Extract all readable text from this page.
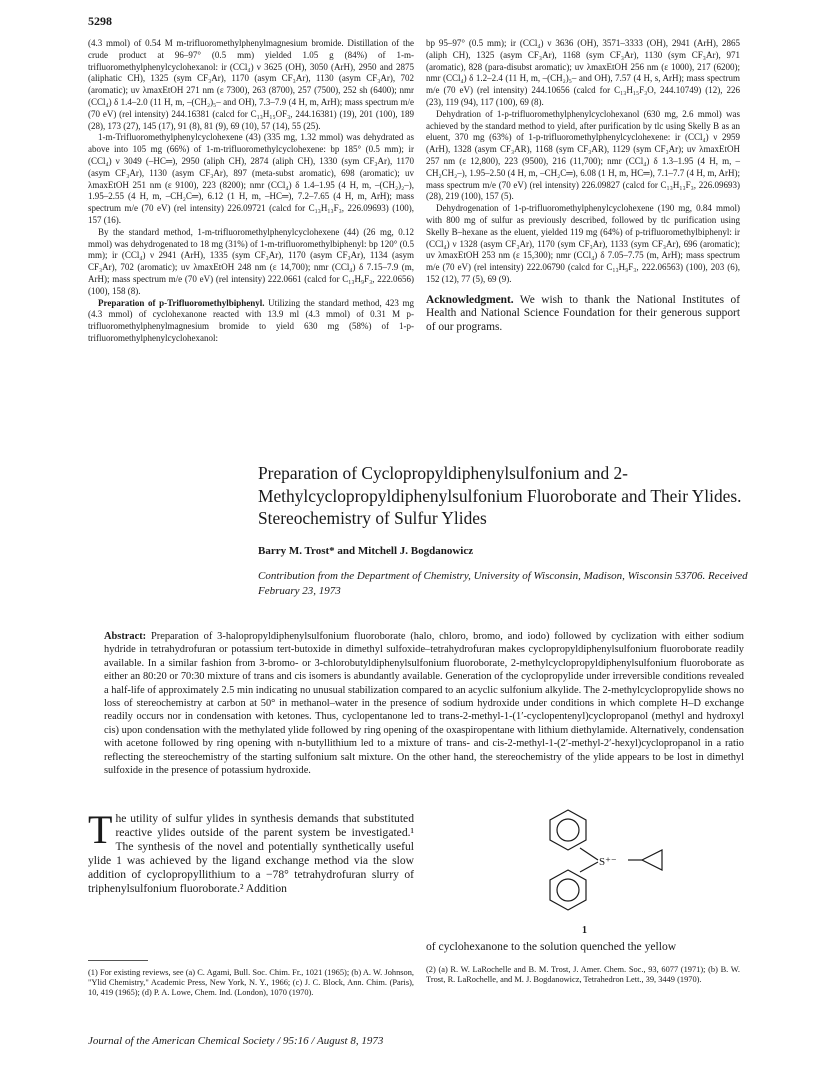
5298

(4.3 mmol) of 0.54 M m-trifluoromethylphenylmagnesium bromide. Distillation of the crude product at 96–97° (0.5 mm) yielded 1.05 g (84%) of 1-m-trifluoromethylphenylcyclohexanol: ir (CCl₄) ν 3625 (OH), 3050 (ArH), 2950 and 2875 (aliphatic CH), 1325 (sym CF₃Ar), 1170 (asym CF₃Ar), 1130 (asym CF₃Ar), 702 (aromatic); uv λmaxEtOH 271 nm (ε 7300), 263 (8700), 257 (7500), 252 sh (6400); nmr (CCl₄) δ 1.4–2.0 (11 H, m, –(CH₂)₅– and OH), 7.3–7.9 (4 H, m, ArH); mass spectrum m/e (70 eV) (rel intensity) 244.16381 (calcd for C₁₃H₁₅OF₃, 244.16381) (19), 201 (100), 189 (28), 173 (27), 145 (17), 91 (8), 81 (9), 69 (10), 57 (14), 55 (25).

1-m-Trifluoromethylphenylcyclohexene (43) (335 mg, 1.32 mmol) was dehydrated as above into 105 mg (66%) of 1-m-trifluoromethylcyclohexene: bp 185° (0.5 mm); ir (CCl₄) ν 3049 (–HC═), 2950 (aliph CH), 2874 (aliph CH), 1330 (sym CF₃Ar), 1170 (asym CF₃Ar), 1130 (asym CF₃Ar), 897 (meta-subst aromatic), 698 (aromatic); uv λmaxEtOH 251 nm (ε 9100), 223 (8200); nmr (CCl₄) δ 1.4–1.95 (4 H, m, –(CH₂)₂–), 1.95–2.55 (4 H, m, –CH₂C═), 6.12 (1 H, m, –HC═), 7.2–7.65 (4 H, m, ArH); mass spectrum m/e (70 eV) (rel intensity) 226.09721 (calcd for C₁₃H₁₃F₃, 226.09693) (100), 157 (16).

By the standard method, 1-m-trifluoromethylphenylcyclohexene (44) (26 mg, 0.12 mmol) was dehydrogenated to 18 mg (31%) of 1-m-trifluoromethylbiphenyl: bp 120° (0.5 mm); ir (CCl₄) ν 2941 (ArH), 1335 (sym CF₃Ar), 1170 (asym CF₃Ar), 1134 (asym CF₃Ar), 702 (aromatic); uv λmaxEtOH 248 nm (ε 14,700); nmr (CCl₄) δ 7.15–7.9 (m, ArH); mass spectrum m/e (70 eV) (rel intensity) 222.0661 (calcd for C₁₃H₉F₃, 222.0656) (100), 158 (8).

Preparation of p-Trifluoromethylbiphenyl. Utilizing the standard method, 423 mg (4.3 mmol) of cyclohexanone reacted with 13.9 ml (4.3 mmol) of 0.31 M p-trifluoromethylphenylmagnesium bromide to yield 630 mg (58%) of 1-p-trifluoromethylphenylcyclohexanol:

bp 95–97° (0.5 mm); ir (CCl₄) ν 3636 (OH), 3571–3333 (OH), 2941 (ArH), 2865 (aliph CH), 1325 (asym CF₃Ar), 1168 (sym CF₃Ar), 1130 (sym CF₃Ar), 971 (aromatic), 828 (para-disubst aromatic); uv λmaxEtOH 256 nm (ε 1000), 217 (6200); nmr (CCl₄) δ 1.2–2.4 (11 H, m, –(CH₂)₅– and OH), 7.57 (4 H, s, ArH); mass spectrum m/e (70 eV) (rel intensity) 244.10656 (calcd for C₁₃H₁₅F₃O, 244.10749) (12), 226 (23), 119 (94), 117 (100), 69 (8).

Dehydration of 1-p-trifluoromethylphenylcyclohexanol (630 mg, 2.6 mmol) was achieved by the standard method to yield, after purification by tlc using Skelly B as an eluent, 370 mg (63%) of 1-p-trifluoromethylphenylcyclohexene: ir (CCl₄) ν 2959 (ArH), 1328 (asym CF₃AR), 1168 (sym CF₃AR), 1129 (sym CF₃Ar); uv λmaxEtOH 257 nm (ε 12,800), 223 (9500), 216 (11,700); nmr (CCl₄) δ 1.3–1.95 (4 H, m, –CH₂CH₂–), 1.95–2.50 (4 H, m, –CH₂C═), 6.08 (1 H, m, HC═), 7.1–7.7 (4 H, m, ArH); mass spectrum m/e (70 eV) (rel intensity) 226.09827 (calcd for C₁₃H₁₃F₃, 226.09693) (28), 219 (100), 157 (5).

Dehydrogenation of 1-p-trifluoromethylphenylcyclohexene (190 mg, 0.84 mmol) with 800 mg of sulfur as previously described, followed by tlc purification using Skelly B–hexane as the eluent, yielded 119 mg (64%) of p-trifluoromethylbiphenyl: ir (CCl₄) ν 1328 (asym CF₃Ar), 1170 (sym CF₃Ar), 1133 (sym CF₃Ar), 696 (aromatic); uv λmaxEtOH 253 nm (ε 15,300); nmr (CCl₄) δ 7.05–7.75 (m, ArH); mass spectrum m/e (70 eV) (rel intensity) 222.06790 (calcd for C₁₃H₉F₃, 222.06563) (100), 203 (6), 152 (12), 77 (5), 69 (9).

Acknowledgment. We wish to thank the National Institutes of Health and National Science Foundation for their generous support of our programs.
Preparation of Cyclopropyldiphenylsulfonium and 2-Methylcyclopropyldiphenylsulfonium Fluoroborate and Their Ylides. Stereochemistry of Sulfur Ylides
Barry M. Trost* and Mitchell J. Bogdanowicz
Contribution from the Department of Chemistry, University of Wisconsin, Madison, Wisconsin 53706. Received February 23, 1973
Abstract: Preparation of 3-halopropyldiphenylsulfonium fluoroborate (halo, chloro, bromo, and iodo) followed by cyclization with either sodium hydride in tetrahydrofuran or potassium tert-butoxide in dimethyl sulfoxide–tetrahydrofuran makes cyclopropyldiphenylsulfonium fluoroborate readily available. In a similar fashion from 3-bromo- or 3-chlorobutyldiphenylsulfonium fluoroborate, 2-methylcyclopropyldiphenylsulfonium fluoroborate as either an 80:20 or 70:30 mixture of trans and cis isomers is abundantly available. Generation of the cyclopropylide under irreversible conditions revealed a half-life of approximately 2.5 min indicating no unusual stabilization compared to an acyclic sulfonium alkylide. The 2-methylcyclopropylide shows no loss of stereochemistry at carbon at 50° in methanol–water in the presence of sodium hydroxide under conditions in which complete H–D exchange readily occurs nor in condensation with ketones. Thus, cyclopentanone led to trans-2-methyl-1-(1′-cyclopentenyl)cyclopropanol (methyl and hydroxyl cis) upon condensation with the methylated ylide followed by ring opening of the oxaspiropentane with lithium diethylamide. Alternatively, condensation with acetone followed by ring opening with n-butyllithium led to a mixture of trans- and cis-2-methyl-1-(2′-methyl-2′-hexyl)cyclopropanol in a ratio reflecting the stereochemistry of the starting sulfonium salt mixture. On the other hand, the stereochemistry of the ylide appears to be lost in dimethyl sulfoxide in the presence of potassium hydroxide.
The utility of sulfur ylides in synthesis demands that substituted reactive ylides outside of the parent system be investigated.¹ The synthesis of the novel and potentially synthetically useful ylide 1 was achieved by the ligand exchange method via the slow addition of cyclopropyllithium to a −78° tetrahydrofuran slurry of triphenylsulfonium fluoroborate.² Addition
S⁺⁻
1
of cyclohexanone to the solution quenched the yellow
(1) For existing reviews, see (a) C. Agami, Bull. Soc. Chim. Fr., 1021 (1965); (b) A. W. Johnson, "Ylid Chemistry," Academic Press, New York, N. Y., 1966; (c) J. C. Block, Ann. Chim. (Paris), 10, 419 (1965); (d) P. A. Lowe, Chem. Ind. (London), 1070 (1970).
(2) (a) R. W. LaRochelle and B. M. Trost, J. Amer. Chem. Soc., 93, 6077 (1971); (b) B. W. Trost, R. LaRochelle, and M. J. Bogdanowicz, Tetrahedron Lett., 39, 3449 (1970).
Journal of the American Chemical Society / 95:16 / August 8, 1973
